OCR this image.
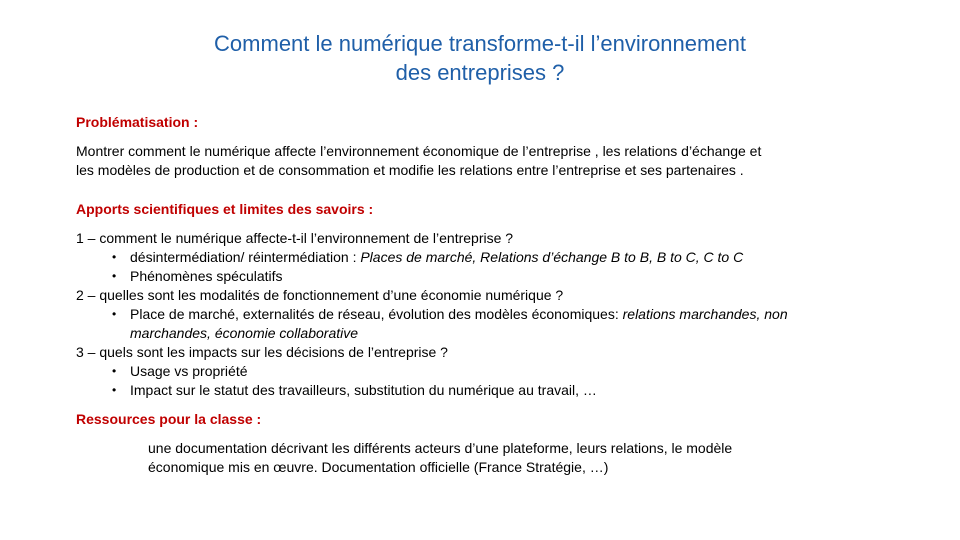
Comment le numérique transforme-t-il l’environnement
des entreprises ?
Problématisation :
Montrer comment le numérique affecte l’environnement économique de l’entreprise , les relations d’échange et
les modèles de production et de consommation et modifie les relations entre l’entreprise et ses partenaires .
Apports scientifiques et limites des savoirs :
1 – comment le numérique affecte-t-il l’environnement de l’entreprise ?
• désintermédiation/ réintermédiation : Places de marché, Relations d’échange B to B, B to C, C to C
• Phénomènes spéculatifs
2 – quelles sont les modalités de fonctionnement d’une économie numérique ?
• Place de marché, externalités de réseau, évolution des modèles économiques: relations marchandes, non
marchandes, économie collaborative
3 – quels sont les impacts sur les décisions de l’entreprise ?
• Usage vs propriété
• Impact sur le statut des travailleurs, substitution du numérique au travail, …
Ressources pour la classe :
une documentation décrivant les différents acteurs d’une plateforme, leurs relations, le modèle
économique mis en œuvre. Documentation officielle (France Stratégie, …)
